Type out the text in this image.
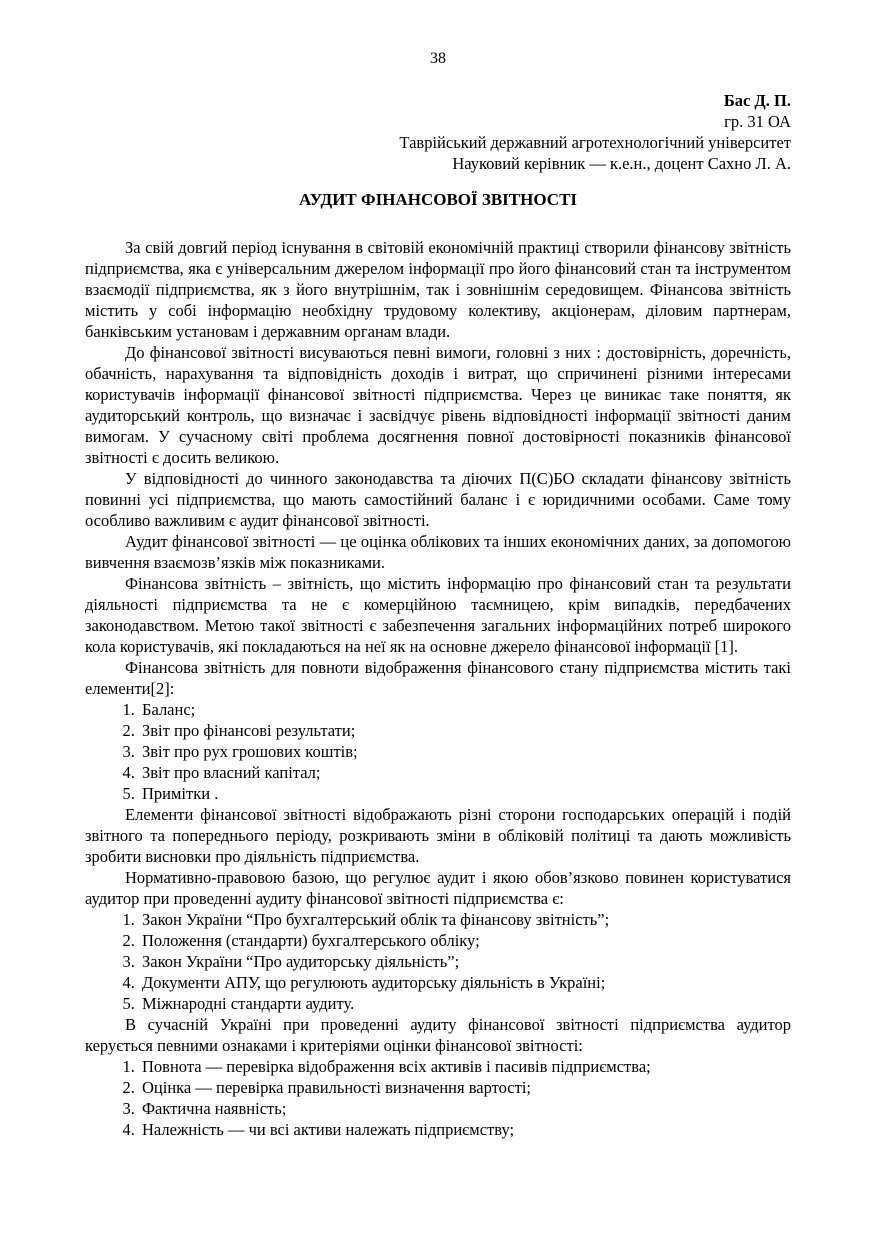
38
Бас Д. П.
гр. 31 ОА
Таврійський державний агротехнологічний університет
Науковий керівник — к.е.н., доцент Сахно Л. А.
АУДИТ ФІНАНСОВОЇ ЗВІТНОСТІ

За свій довгий період існування в світовій економічній практиці створили фінансову звітність підприємства, яка є універсальним джерелом інформації про його фінансовий стан та інструментом взаємодії підприємства, як з його внутрішнім, так і зовнішнім середовищем. Фінансова звітність містить у собі інформацію необхідну трудовому колективу, акціонерам, діловим партнерам, банківським установам і державним органам влади.

До фінансової звітності висуваються певні вимоги, головні з них : достовірність, доречність, обачність, нарахування та відповідність доходів і витрат, що спричинені різними інтересами користувачів інформації фінансової звітності підприємства. Через це виникає таке поняття, як аудиторський контроль, що визначає і засвідчує рівень відповідності інформації звітності даним вимогам. У сучасному світі проблема досягнення повної достовірності показників фінансової звітності є досить великою.

У відповідності до чинного законодавства та діючих П(С)БО складати фінансову звітність повинні усі підприємства, що мають самостійний баланс і є юридичними особами. Саме тому особливо важливим є аудит фінансової звітності.

Аудит фінансової звітності — це оцінка облікових та інших економічних даних, за допомогою вивчення взаємозв’язків між показниками.

Фінансова звітність – звітність, що містить інформацію про фінансовий стан та результати діяльності підприємства та не є комерційною таємницею, крім випадків, передбачених законодавством. Метою такої звітності є забезпечення загальних інформаційних потреб широкого кола користувачів, які покладаються на неї як на основне джерело фінансової інформації [1].

Фінансова звітність для повноти відображення фінансового стану підприємства містить такі елементи[2]:

1. Баланс;
2. Звіт про фінансові результати;
3. Звіт про рух грошових коштів;
4. Звіт про власний капітал;
5. Примітки .

Елементи фінансової звітності відображають різні сторони господарських операцій і подій звітного та попереднього періоду, розкривають зміни в обліковій політиці та дають можливість зробити висновки про діяльність підприємства.

Нормативно-правовою базою, що регулює аудит і якою обов’язково повинен користуватися аудитор при проведенні аудиту фінансової звітності підприємства є:

1. Закон України “Про бухгалтерський облік та фінансову звітність”;
2. Положення (стандарти) бухгалтерського обліку;
3. Закон України “Про аудиторську діяльність”;
4. Документи АПУ, що регулюють аудиторську діяльність в Україні;
5. Міжнародні стандарти аудиту.

В сучасній Україні при проведенні аудиту фінансової звітності підприємства аудитор керується певними ознаками і критеріями оцінки фінансової звітності:

1. Повнота — перевірка відображення всіх активів і пасивів підприємства;
2. Оцінка — перевірка правильності визначення вартості;
3. Фактична наявність;
4. Належність — чи всі активи належать підприємству;
